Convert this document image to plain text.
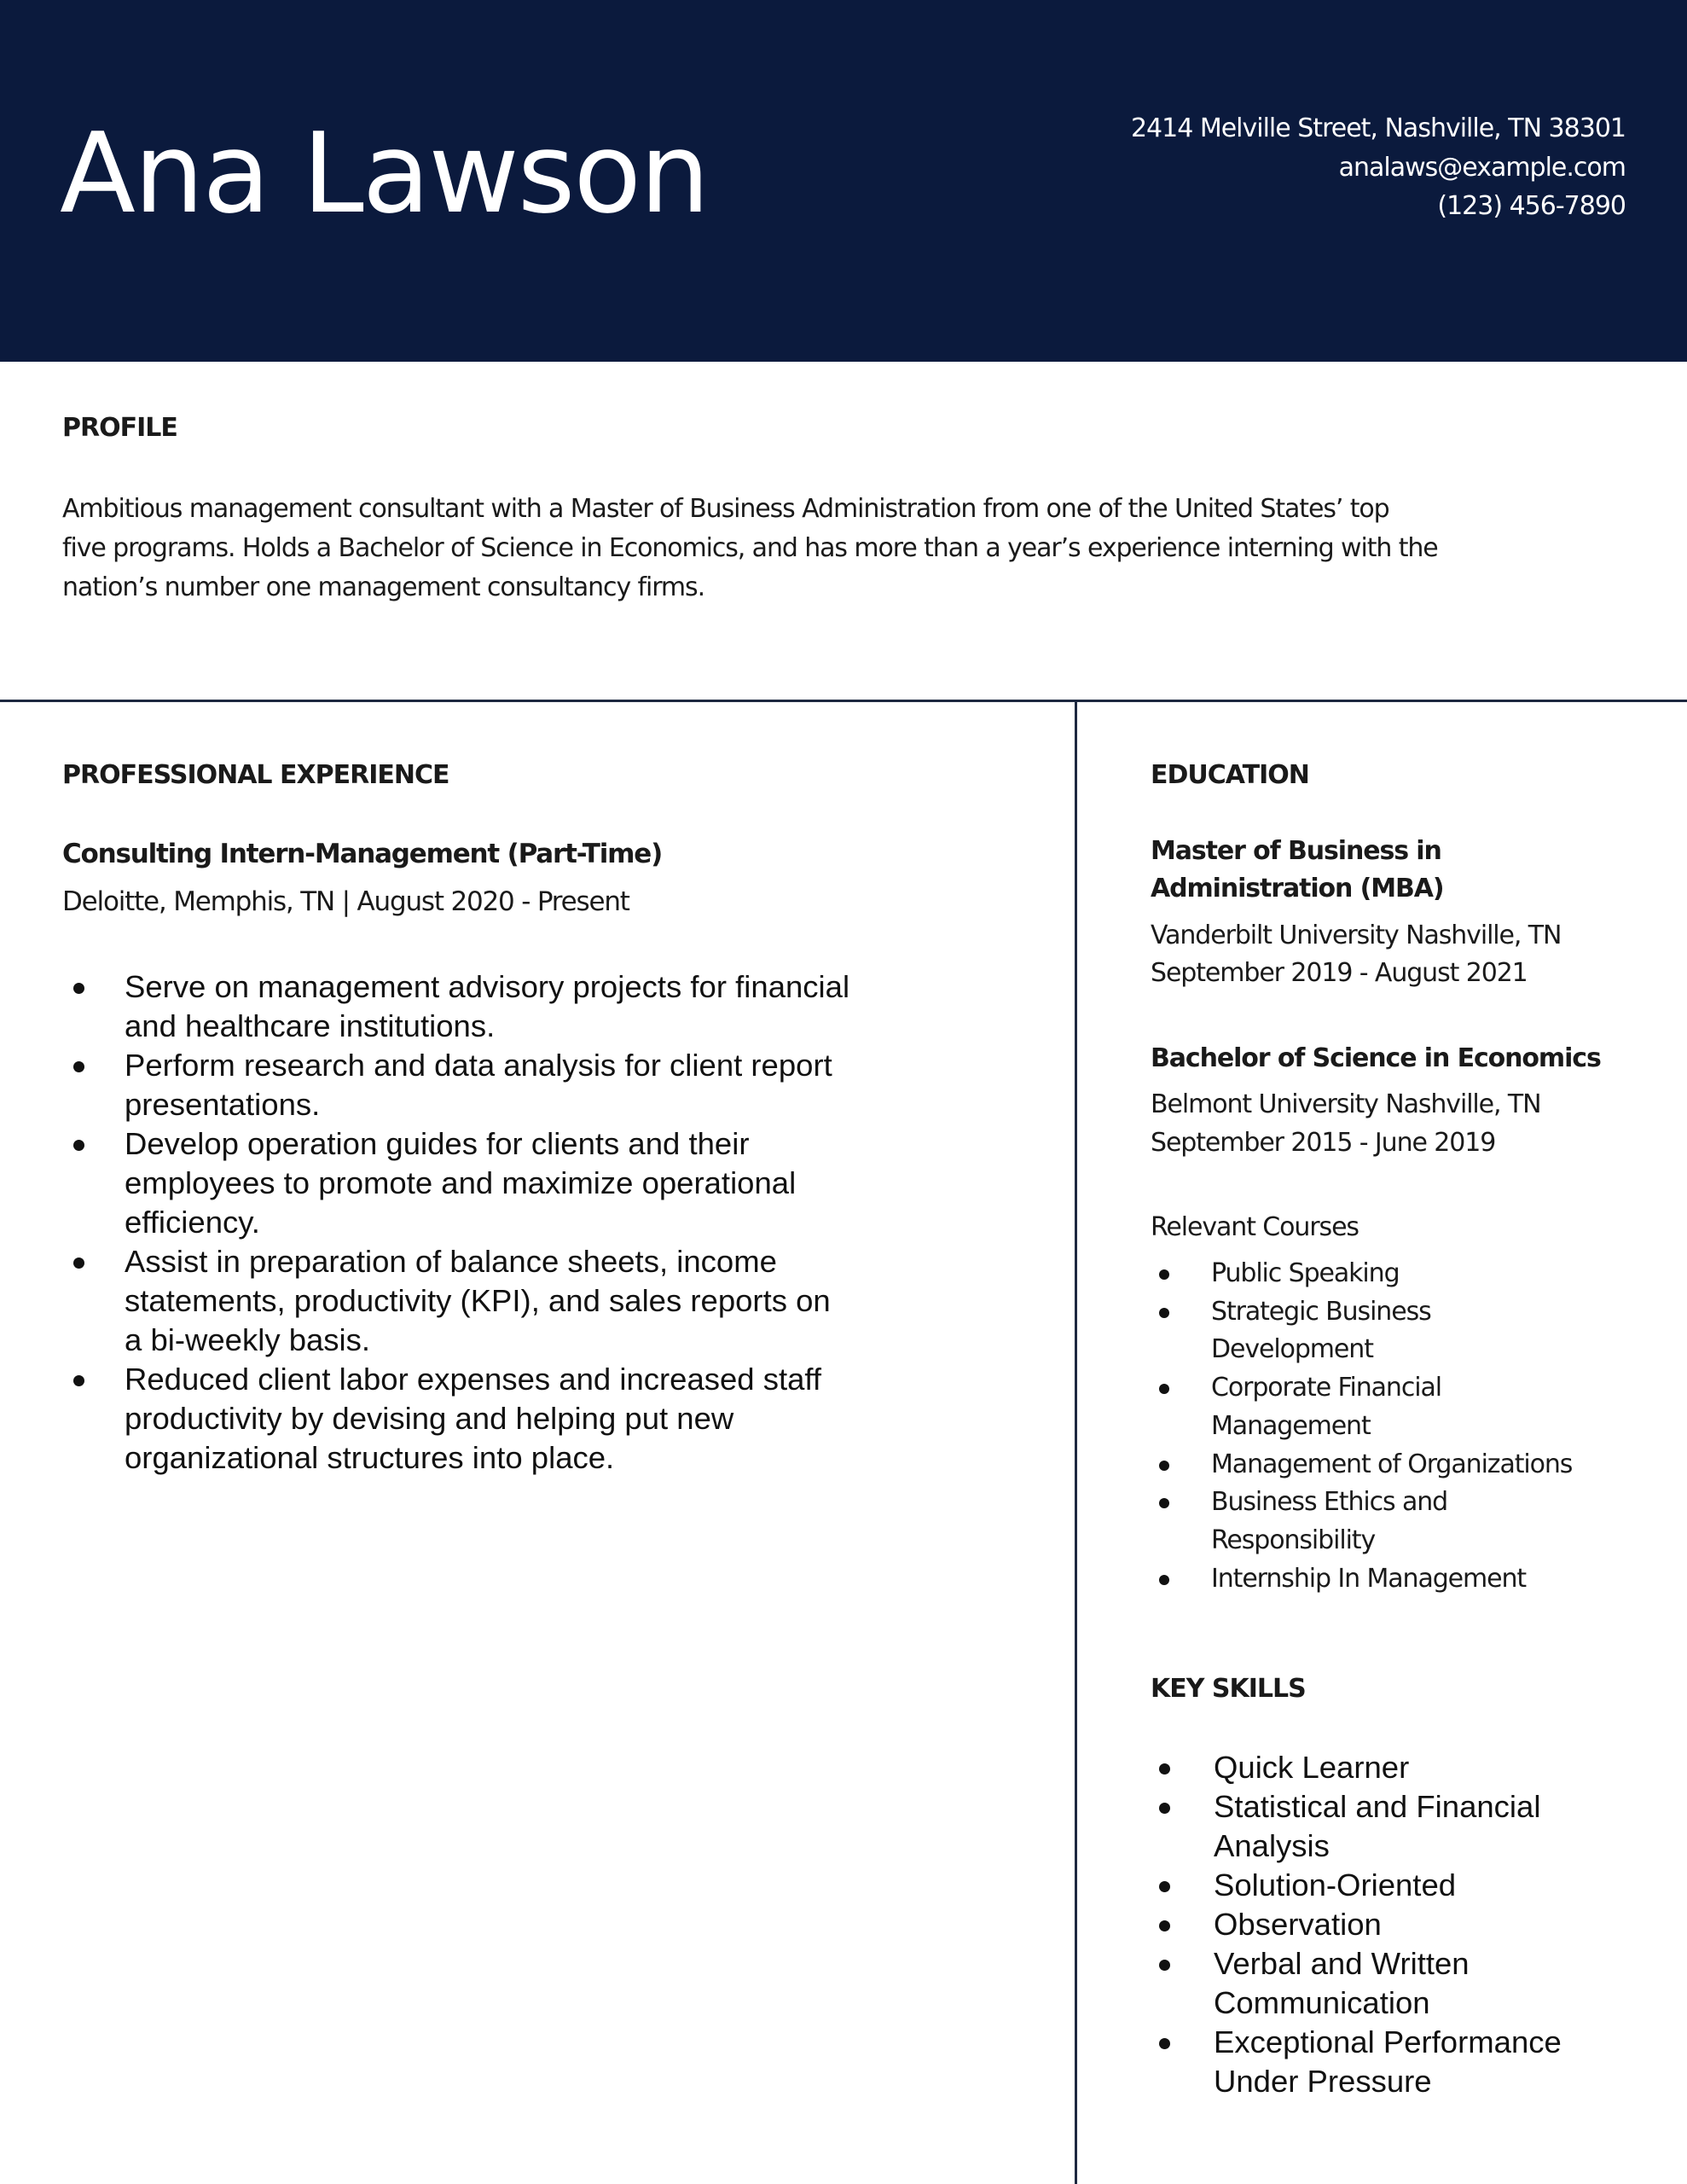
Ana Lawson	2414 Melville Street, Nashville, TN 38301
analaws@example.com
(123) 456-7890
PROFILE
Ambitious management consultant with a Master of Business Administration from one of the United States’ top
five programs. Holds a Bachelor of Science in Economics, and has more than a year’s experience interning with the
nation’s number one management consultancy firms.
PROFESSIONAL EXPERIENCE
Consulting Intern-Management (Part-Time)
Deloitte, Memphis, TN | August 2020 - Present
Serve on management advisory projects for financial
and healthcare institutions.
Perform research and data analysis for client report
presentations.
Develop operation guides for clients and their
employees to promote and maximize operational
efficiency.
Assist in preparation of balance sheets, income
statements, productivity (KPI), and sales reports on
a bi-weekly basis.
Reduced client labor expenses and increased staff
productivity by devising and helping put new
organizational structures into place.
EDUCATION
Master of Business in
Administration (MBA)
Vanderbilt University Nashville, TN
September 2019 - August 2021
Bachelor of Science in Economics
Belmont University Nashville, TN
September 2015 - June 2019
Relevant Courses
Public Speaking
Strategic Business
Development
Corporate Financial
Management
Management of Organizations
Business Ethics and
Responsibility
Internship In Management
KEY SKILLS
Quick Learner
Statistical and Financial
Analysis
Solution-Oriented
Observation
Verbal and Written
Communication
Exceptional Performance
Under Pressure
